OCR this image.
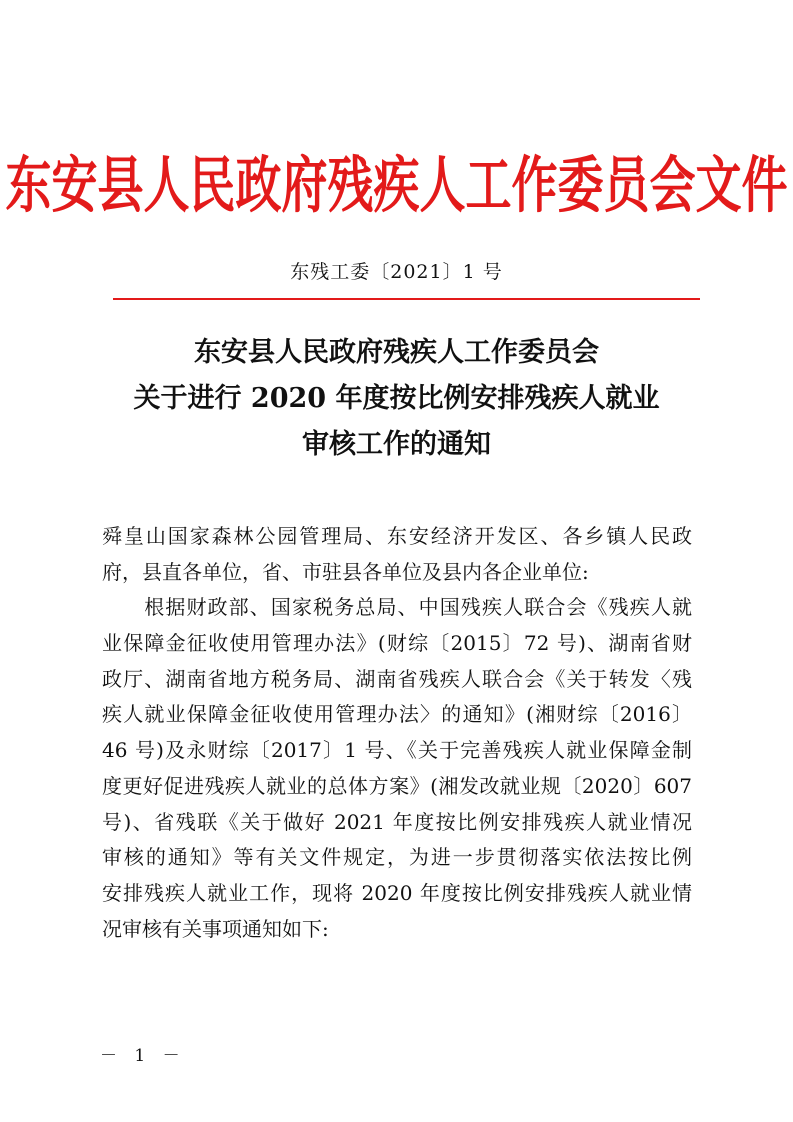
东安县人民政府残疾人工作委员会文件
东残工委〔2021〕1 号
东安县人民政府残疾人工作委员会
关于进行 2020 年度按比例安排残疾人就业
审核工作的通知
舜皇山国家森林公园管理局、东安经济开发区、各乡镇人民政
府，县直各单位，省、市驻县各单位及县内各企业单位:
　　根据财政部、国家税务总局、中国残疾人联合会《残疾人就
业保障金征收使用管理办法》(财综〔2015〕72 号)、湖南省财
政厅、湖南省地方税务局、湖南省残疾人联合会《关于转发〈残
疾人就业保障金征收使用管理办法〉的通知》(湘财综〔2016〕
46 号)及永财综〔2017〕1 号、《关于完善残疾人就业保障金制
度更好促进残疾人就业的总体方案》(湘发改就业规〔2020〕607
号)、省残联《关于做好 2021 年度按比例安排残疾人就业情况
审核的通知》等有关文件规定，为进一步贯彻落实依法按比例
安排残疾人就业工作，现将 2020 年度按比例安排残疾人就业情
况审核有关事项通知如下:
－ 1 －
